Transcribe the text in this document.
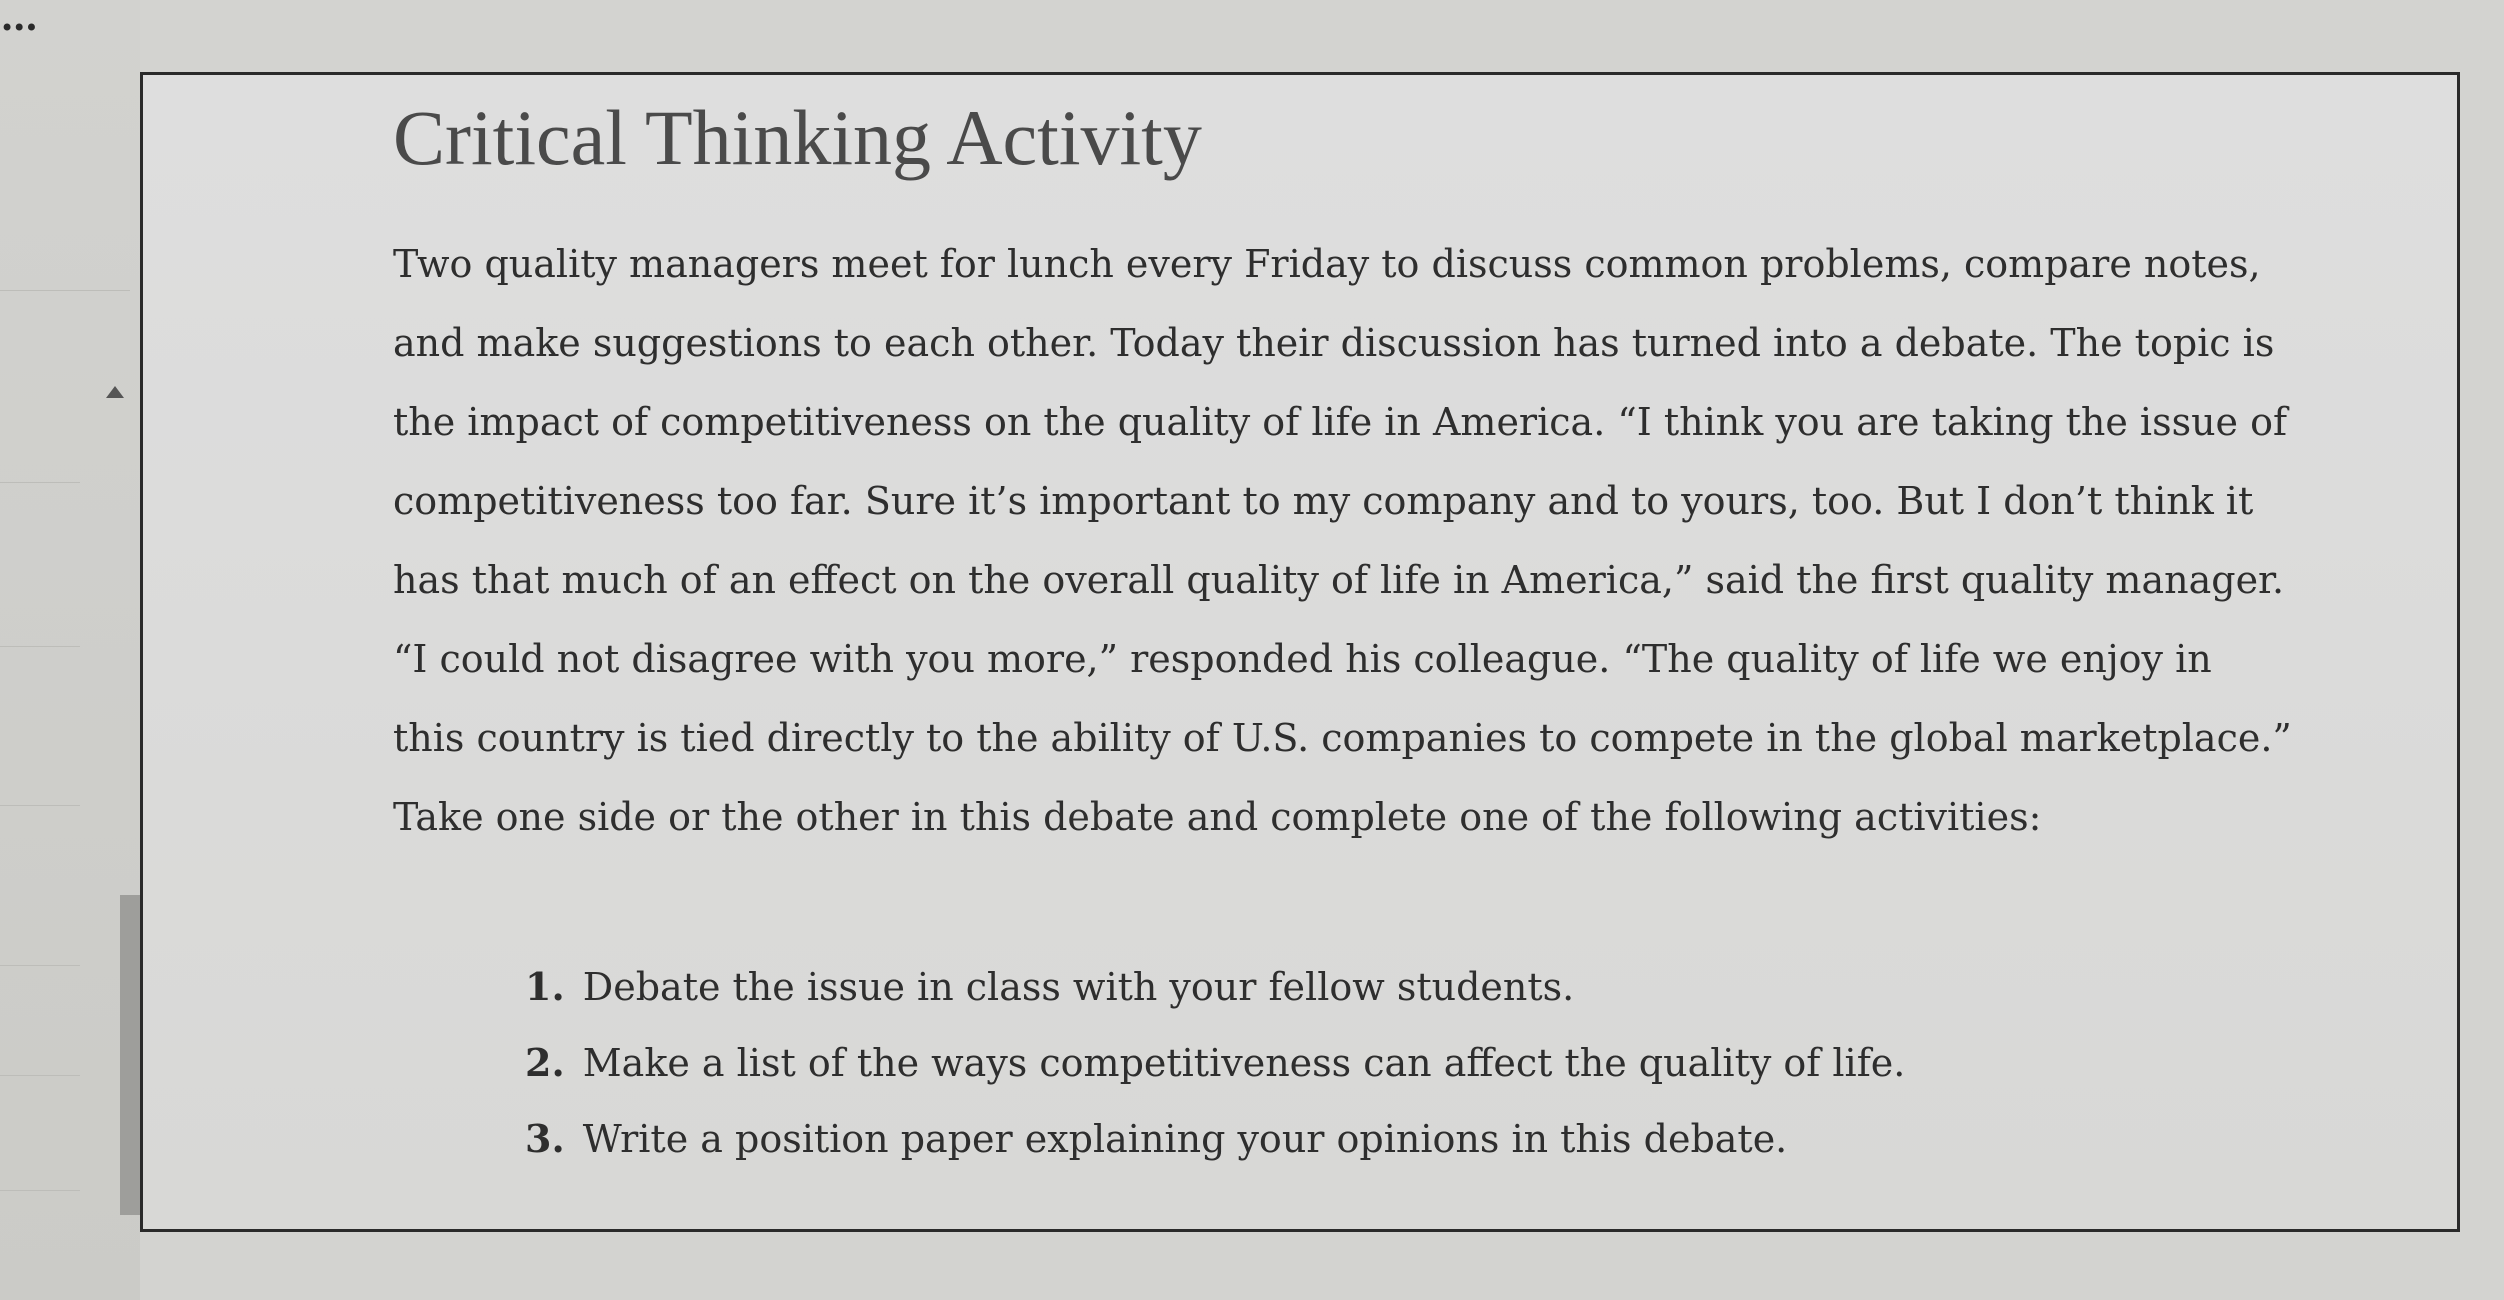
•••
Critical Thinking Activity

Two quality managers meet for lunch every Friday to discuss common problems, compare notes, and make suggestions to each other. Today their discussion has turned into a debate. The topic is the impact of competitiveness on the quality of life in America. “I think you are taking the issue of competitiveness too far. Sure it’s important to my company and to yours, too. But I don’t think it has that much of an effect on the overall quality of life in America,” said the first quality manager. “I could not disagree with you more,” responded his colleague. “The quality of life we enjoy in this country is tied directly to the ability of U.S. companies to compete in the global marketplace.” Take one side or the other in this debate and complete one of the following activities:

1. Debate the issue in class with your fellow students.
2. Make a list of the ways competitiveness can affect the quality of life.
3. Write a position paper explaining your opinions in this debate.
